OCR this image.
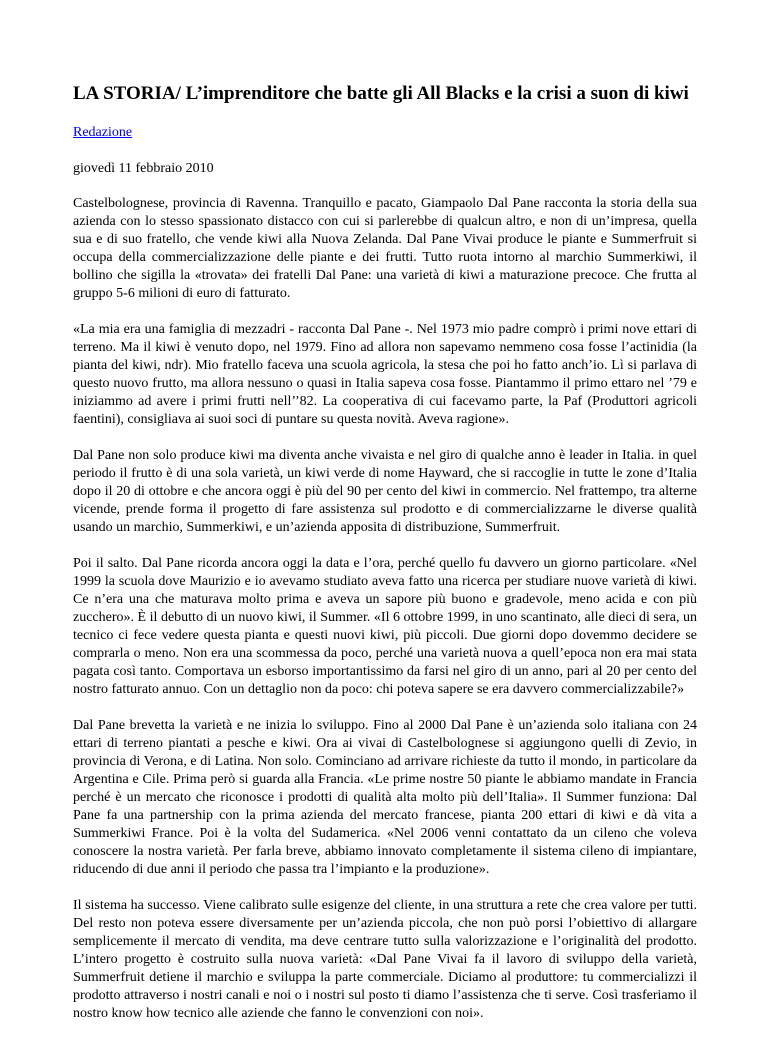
LA STORIA/ L’imprenditore che batte gli All Blacks e la crisi a suon di kiwi
Redazione
giovedì 11 febbraio 2010

Castelbolognese, provincia di Ravenna. Tranquillo e pacato, Giampaolo Dal Pane racconta la storia della sua azienda con lo stesso spassionato distacco con cui si parlerebbe di qualcun altro, e non di un’impresa, quella sua e di suo fratello, che vende kiwi alla Nuova Zelanda. Dal Pane Vivai produce le piante e Summerfruit si occupa della commercializzazione delle piante e dei frutti. Tutto ruota intorno al marchio Summerkiwi, il bollino che sigilla la «trovata» dei fratelli Dal Pane: una varietà di kiwi a maturazione precoce. Che frutta al gruppo 5-6 milioni di euro di fatturato.

«La mia era una famiglia di mezzadri - racconta Dal Pane -. Nel 1973 mio padre comprò i primi nove ettari di terreno. Ma il kiwi è venuto dopo, nel 1979. Fino ad allora non sapevamo nemmeno cosa fosse l’actinidia (la pianta del kiwi, ndr). Mio fratello faceva una scuola agricola, la stesa che poi ho fatto anch’io. Lì si parlava di questo nuovo frutto, ma allora nessuno o quasi in Italia sapeva cosa fosse. Piantammo il primo ettaro nel ’79 e iniziammo ad avere i primi frutti nell’’82. La cooperativa di cui facevamo parte, la Paf (Produttori agricoli faentini), consigliava ai suoi soci di puntare su questa novità. Aveva ragione».

Dal Pane non solo produce kiwi ma diventa anche vivaista e nel giro di qualche anno è leader in Italia. in quel periodo il frutto è di una sola varietà, un kiwi verde di nome Hayward, che si raccoglie in tutte le zone d’Italia dopo il 20 di ottobre e che ancora oggi è più del 90 per cento del kiwi in commercio. Nel frattempo, tra alterne vicende, prende forma il progetto di fare assistenza sul prodotto e di commercializzarne le diverse qualità usando un marchio, Summerkiwi, e un’azienda apposita di distribuzione, Summerfruit.

Poi il salto. Dal Pane ricorda ancora oggi la data e l’ora, perché quello fu davvero un giorno particolare. «Nel 1999 la scuola dove Maurizio e io avevamo studiato aveva fatto una ricerca per studiare nuove varietà di kiwi. Ce n’era una che maturava molto prima e aveva un sapore più buono e gradevole, meno acida e con più zucchero». È il debutto di un nuovo kiwi, il Summer. «Il 6 ottobre 1999, in uno scantinato, alle dieci di sera, un tecnico ci fece vedere questa pianta e questi nuovi kiwi, più piccoli. Due giorni dopo dovemmo decidere se comprarla o meno. Non era una scommessa da poco, perché una varietà nuova a quell’epoca non era mai stata pagata così tanto. Comportava un esborso importantissimo da farsi nel giro di un anno, pari al 20 per cento del nostro fatturato annuo. Con un dettaglio non da poco: chi poteva sapere se era davvero commercializzabile?»

Dal Pane brevetta la varietà e ne inizia lo sviluppo. Fino al 2000 Dal Pane è un’azienda solo italiana con 24 ettari di terreno piantati a pesche e kiwi. Ora ai vivai di Castelbolognese si aggiungono quelli di Zevio, in provincia di Verona, e di Latina. Non solo. Cominciano ad arrivare richieste da tutto il mondo, in particolare da Argentina e Cile. Prima però si guarda alla Francia. «Le prime nostre 50 piante le abbiamo mandate in Francia perché è un mercato che riconosce i prodotti di qualità alta molto più dell’Italia». Il Summer funziona: Dal Pane fa una partnership con la prima azienda del mercato francese, pianta 200 ettari di kiwi e dà vita a Summerkiwi France. Poi è la volta del Sudamerica. «Nel 2006 venni contattato da un cileno che voleva conoscere la nostra varietà. Per farla breve, abbiamo innovato completamente il sistema cileno di impiantare, riducendo di due anni il periodo che passa tra l’impianto e la produzione».

Il sistema ha successo. Viene calibrato sulle esigenze del cliente, in una struttura a rete che crea valore per tutti. Del resto non poteva essere diversamente per un’azienda piccola, che non può porsi l’obiettivo di allargare semplicemente il mercato di vendita, ma deve centrare tutto sulla valorizzazione e l’originalità del prodotto. L’intero progetto è costruito sulla nuova varietà: «Dal Pane Vivai fa il lavoro di sviluppo della varietà, Summerfruit detiene il marchio e sviluppa la parte commerciale. Diciamo al produttore: tu commercializzi il prodotto attraverso i nostri canali e noi o i nostri sul posto ti diamo l’assistenza che ti serve. Così trasferiamo il nostro know how tecnico alle aziende che fanno le convenzioni con noi».
